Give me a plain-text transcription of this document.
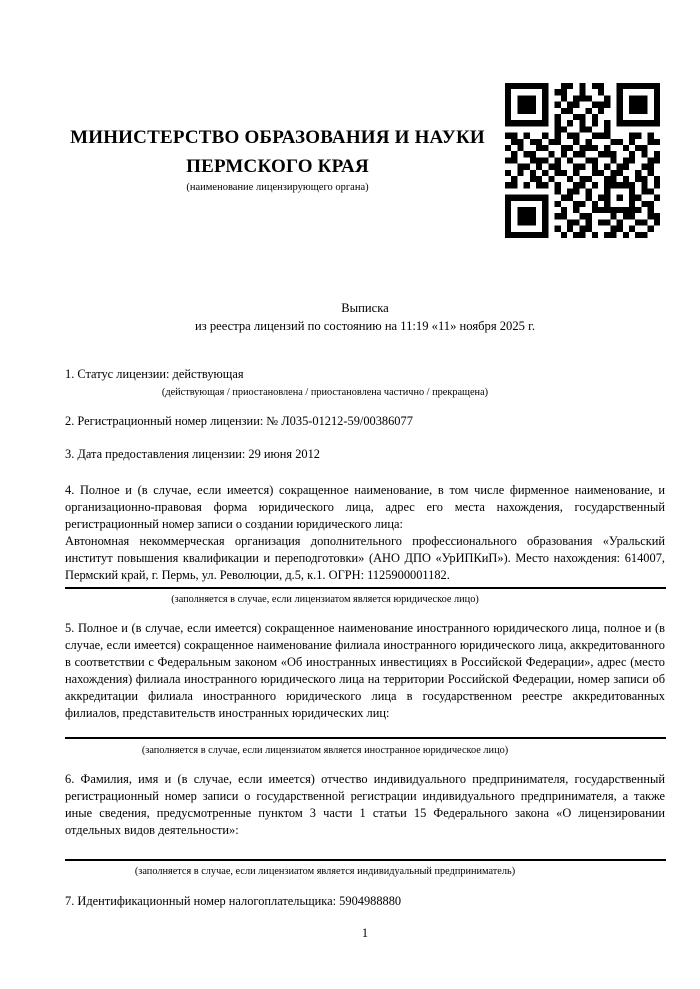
МИНИСТЕРСТВО ОБРАЗОВАНИЯ И НАУКИ
ПЕРМСКОГО КРАЯ
(наименование лицензирующего органа)
Выписка
из реестра лицензий по состоянию на 11:19 «11» ноября 2025 г.
1. Статус лицензии: действующая
(действующая / приостановлена / приостановлена частично / прекращена)
2. Регистрационный номер лицензии: № Л035-01212-59/00386077
3. Дата предоставления лицензии: 29 июня 2012
4. Полное и (в случае, если имеется) сокращенное наименование, в том числе фирменное наименование, и организационно-правовая форма юридического лица, адрес его места нахождения, государственный регистрационный номер записи о создании юридического лица:
Автономная некоммерческая организация дополнительного профессионального образования «Уральский институт повышения квалификации и переподготовки» (АНО ДПО «УрИПКиП»). Место нахождения: 614007, Пермский край, г. Пермь, ул. Революции, д.5, к.1. ОГРН: 1125900001182.
(заполняется в случае, если лицензиатом является юридическое лицо)
5. Полное и (в случае, если имеется) сокращенное наименование иностранного юридического лица, полное и (в случае, если имеется) сокращенное наименование филиала иностранного юридического лица, аккредитованного в соответствии с Федеральным законом «Об иностранных инвестициях в Российской Федерации», адрес (место нахождения) филиала иностранного юридического лица на территории Российской Федерации, номер записи об аккредитации филиала иностранного юридического лица в государственном реестре аккредитованных филиалов, представительств иностранных юридических лиц:
(заполняется в случае, если лицензиатом является иностранное юридическое лицо)
6. Фамилия, имя и (в случае, если имеется) отчество индивидуального предпринимателя, государственный регистрационный номер записи о государственной регистрации индивидуального предпринимателя, а также иные сведения, предусмотренные пунктом 3 части 1 статьи 15 Федерального закона «О лицензировании отдельных видов деятельности»:
(заполняется в случае, если лицензиатом является индивидуальный предприниматель)
7. Идентификационный номер налогоплательщика: 5904988880
1
